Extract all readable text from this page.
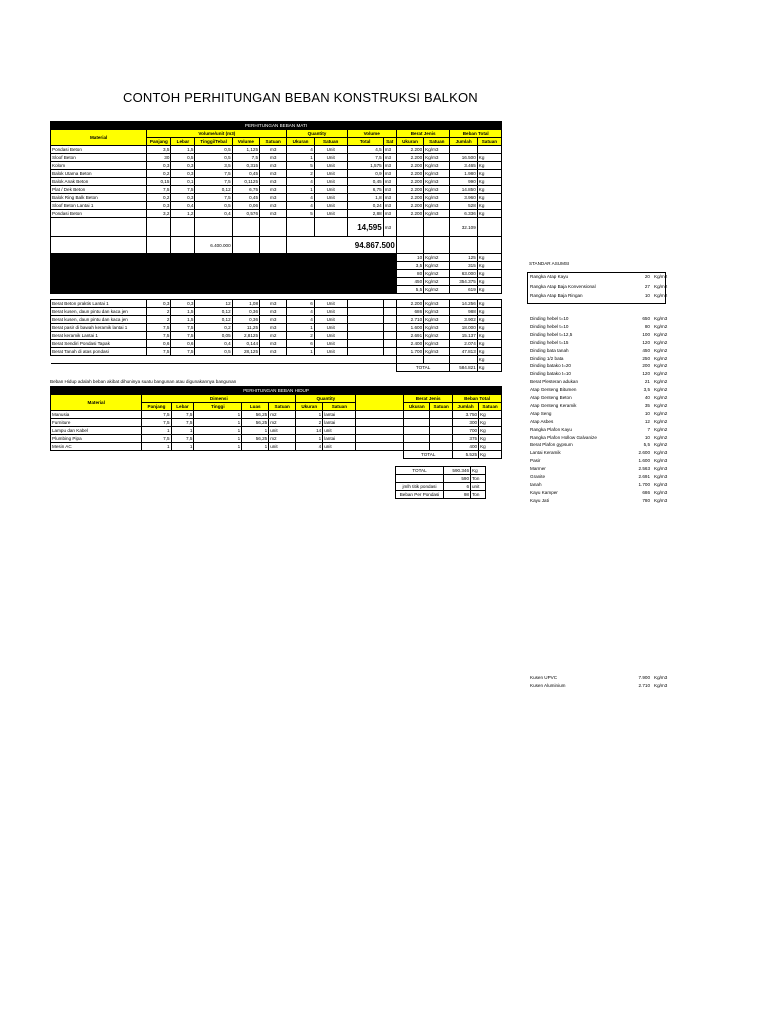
CONTOH PERHITUNGAN BEBAN KONSTRUKSI BALKON
PERHITUNGAN BEBAN MATI													
Material	Volume/unit (m3)					Quantity		Volume		Berat Jenis		Beban Total	
	Panjang	Lebar	Tinggi/Tebal	Volume	Satuan	Ukuran	Satuan	Total	Sat	Ukuran	Satuan	Jumlah	Satuan
Pondasi Beton	3,5	1,5	0,5	1,125	m3	4	Unit	4,5	m3	2.200	Kg/m3		
Sloof Beton	30	0,5	0,5	7,5	m3	1	Unit	7,5	m3	2.200	Kg/m3	16.500	Kg
Kolom	0,3	0,3	3,5	0,315	m3	5	Unit	1,575	m3	2.200	Kg/m3	3.465	Kg
Balok Utama Beton	0,2	0,3	7,5	0,45	m3	2	Unit	0,9	m3	2.200	Kg/m3	1.980	Kg
Balok Anak Beton	0,15	0,1	7,5	0,1125	m3	4	Unit	0,45	m3	2.200	Kg/m3	990	Kg
Plat / Dek Beton	7,5	7,5	0,12	6,75	m3	1	Unit	6,75	m3	2.200	Kg/m3	14.850	Kg
Balok Ring Balk Beton	0,2	0,3	7,5	0,45	m3	4	Unit	1,8	m3	2.200	Kg/m3	3.960	Kg
Sloof Beton Lantai 1	0,3	0,4	0,5	0,06	m3	4	Unit	0,24	m3	2.200	Kg/m3	528	Kg
Pondasi Beton	3,2	1,2	0,4	0,576	m3	5	Unit	2,88	m3	2.200	Kg/m3	6.336	Kg
								14,595	m3			32.109	
			6.400.000			94.867.500							
										10	Kg/m2	125	Kg
										3,5	Kg/m2	315	Kg
										80	Kg/m2	63.000	Kg
										450	Kg/m2	354.375	Kg
										5,5	Kg/m2	619	Kg

Berat Beton praktis Lantai 1	0,3	0,3	12	1,08	m3	6	Unit			2.200	Kg/m3	14.256	Kg
Berat kusen, daun pintu dan kaca jen	2	1,5	0,12	0,36	m3	4	Unit			686	Kg/m3	988	Kg
Berat kusen, daun pintu dan kaca jen	2	1,5	0,12	0,36	m3	4	Unit			2.710	Kg/m3	3.902	Kg
Berat pasir di bawah keramik lantai 1	7,5	7,5	0,2	11,25	m3	1	Unit			1.600	Kg/m3	18.000	Kg
Berat keramik Lantai 1	7,5	7,5	0,05	2,8125	m2	2	Unit			2.691	Kg/m2	15.137	Kg
Berat Sendiri Pondasi Tapak	0,6	0,6	0,4	0,144	m3	6	Unit			2.400	Kg/m3	2.074	Kg
Berat Tanah di atas pondasi	7,5	7,5	0,5	28,125	m3	1	Unit			1.700	Kg/m3	47.813	Kg
													Kg
										TOTAL		584.821	Kg
Beban Hidup adalah beban akibat dihuninya suatu bangunan atau digunakannya bangunan
PERHITUNGAN BEBAN HIDUP												
Material	Dimensi					Quantity			Berat Jenis		Beban Total	
	Panjang	Lebar	Tinggi	Luas	Satuan	Ukuran	Satuan		Ukuran	Satuan	Jumlah	Satuan
Manusia	7,5	7,5	1	56,25	m2	1	lantai				3.750	Kg
Furniture	7,5	7,5	1	56,25	m2	2	lantai				300	Kg
Lampu dan Kabel	1	1	1	1	unit	14	unit				700	Kg
Plumbing Pipa	7,5	7,5	1	56,25	m2	1	lantai				375	Kg
Mesin AC	1	1	1	1	unit	4	unit				400	Kg
									TOTAL		5.525	Kg
TOTAL	590.346	Kg
	590	Ton
jmlh titik pondasi	6	unit
Beban Per Pondasi	98	Ton
STANDAR ASUMSI
Rangka Atap Kayu	20 Kg/m2
Rangka Atap Baja Konvensional	27 Kg/m2
Rangka Atap Baja Ringan	10 Kg/m2
Dinding hebel t=10	650 Kg/m3
Dinding hebel t=10	80 Kg/m2
Dinding hebel t=12,5	100 Kg/m2
Dinding hebel t=15	120 Kg/m2
Dinding bata tanah	450 Kg/m2
Dinding 1/2 bata	250 Kg/m2
Dinding batako t=20	200 Kg/m2
Dinding batako t=10	120 Kg/m2
Berat Plesteran adukan	21 Kg/m2
Atap Genteng Bitumen	3,5 Kg/m2
Atap Genteng Beton	40 Kg/m2
Atap Genteng Keramik	35 Kg/m2
Atap Seng	10 Kg/m2
Atap Asbes	12 Kg/m2
Rangka Plafon Kayu	7 Kg/m2
Rangka Plafon Hollow Galvanize	10 Kg/m2
Berat Plafon gypsum	5,5 Kg/m2
Lantai Keramik	2.600 Kg/m3
Pasir	1.600 Kg/m3
Marmer	2.563 Kg/m3
Granite	2.691 Kg/m3
tanah	1.700 Kg/m3
Kayu Kamper	686 Kg/m3
Kayu Jati	780 Kg/m3
Kusen UPVC	7.900 Kg/m3
Kusen Aluminium	2.710 Kg/m3
